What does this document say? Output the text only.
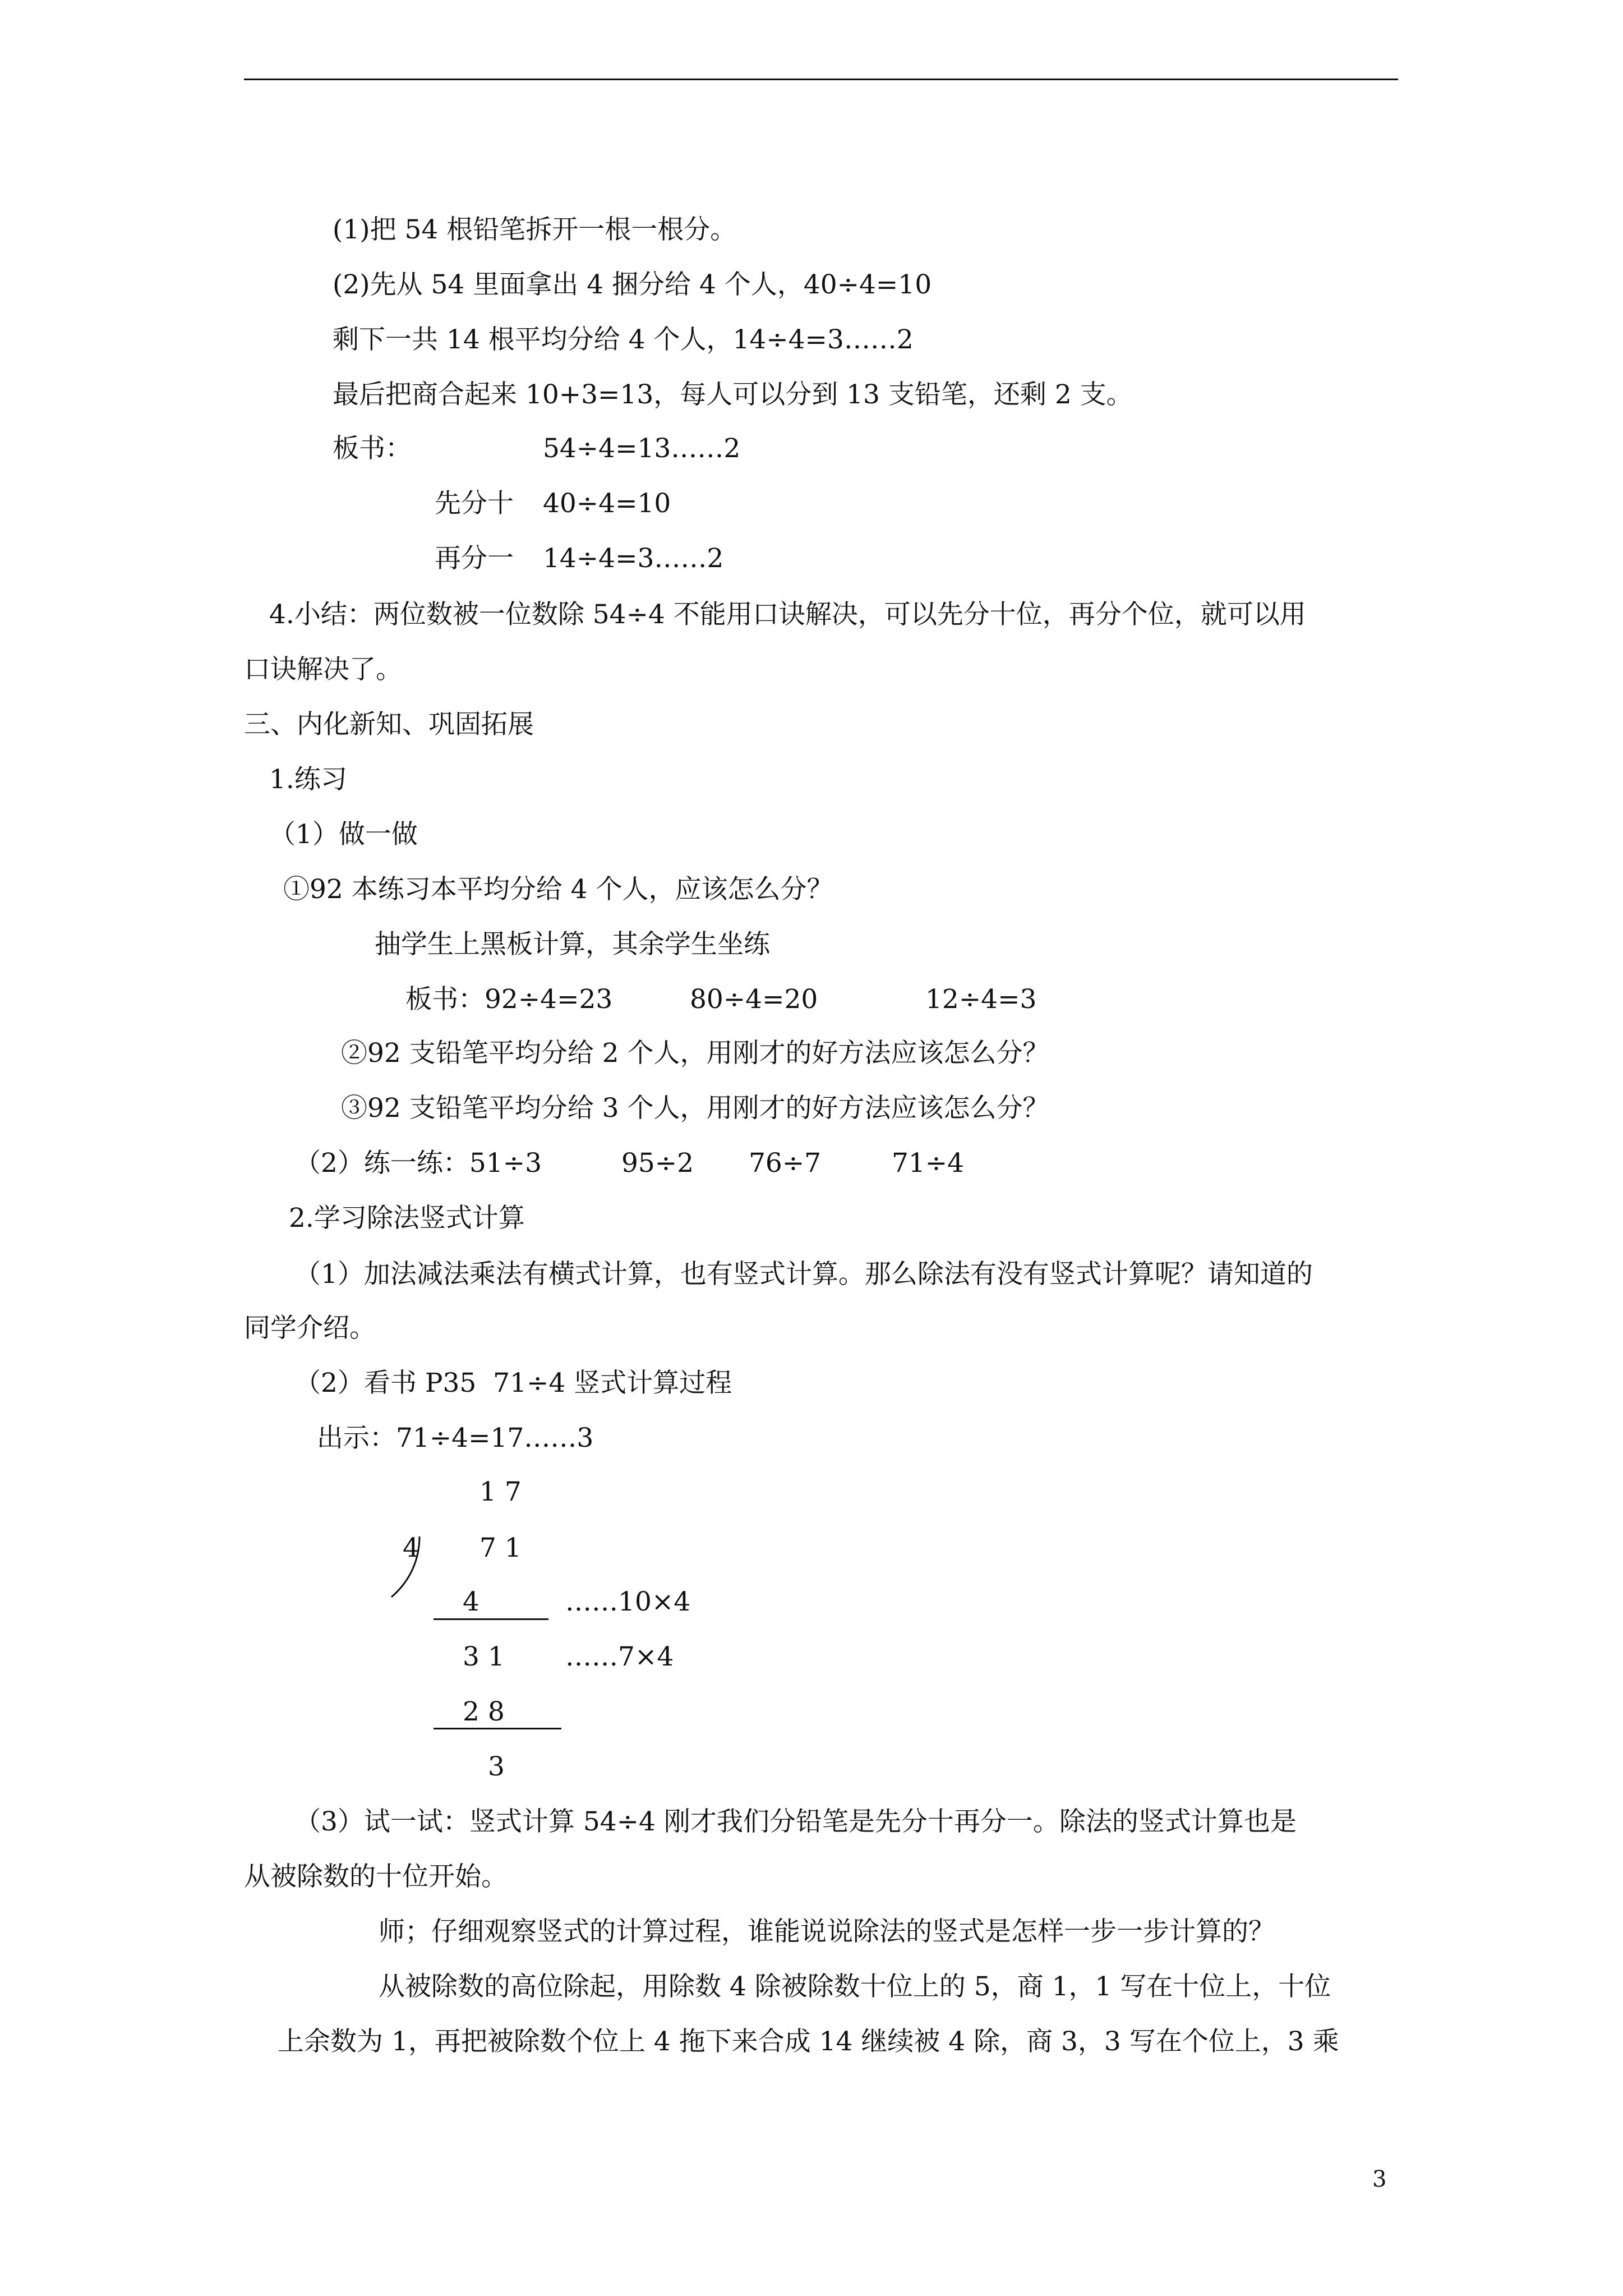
(1)把 54 根铅笔拆开一根一根分。
(2)先从 54 里面拿出 4 捆分给 4 个人，40÷4=10
剩下一共 14 根平均分给 4 个人，14÷4=3‥‥‥2
最后把商合起来 10+3=13，每人可以分到 13 支铅笔，还剩 2 支。
板书：	54÷4=13‥‥‥2
先分十 40÷4=10
再分一 14÷4=3‥‥‥2
4.小结：两位数被一位数除 54÷4 不能用口诀解决，可以先分十位，再分个位，就可以用
口诀解决了。
三、内化新知、巩固拓展
1.练习
（1）做一做
①92 本练习本平均分给 4 个人，应该怎么分？
抽学生上黑板计算，其余学生坐练
板书：92÷4=23	80÷4=20	12÷4=3
②92 支铅笔平均分给 2 个人，用刚才的好方法应该怎么分？
③92 支铅笔平均分给 3 个人，用刚才的好方法应该怎么分？
（2）练一练：51÷3	95÷2 76÷7	71÷4
2.学习除法竖式计算
（1）加法减法乘法有横式计算，也有竖式计算。那么除法有没有竖式计算呢？请知道的
同学介绍。
（2）看书 P35  71÷4 竖式计算过程
出示：71÷4=17‥‥‥3
1 7
4 7 1
4	‥‥‥10×4
3 1 ‥‥‥7×4
2 8
3
（3）试一试：竖式计算 54÷4 刚才我们分铅笔是先分十再分一。除法的竖式计算也是
从被除数的十位开始。
师；仔细观察竖式的计算过程，谁能说说除法的竖式是怎样一步一步计算的？
从被除数的高位除起，用除数 4 除被除数十位上的 5，商 1，1 写在十位上，十位
上余数为 1，再把被除数个位上 4 拖下来合成 14 继续被 4 除，商 3，3 写在个位上，3 乘
3
